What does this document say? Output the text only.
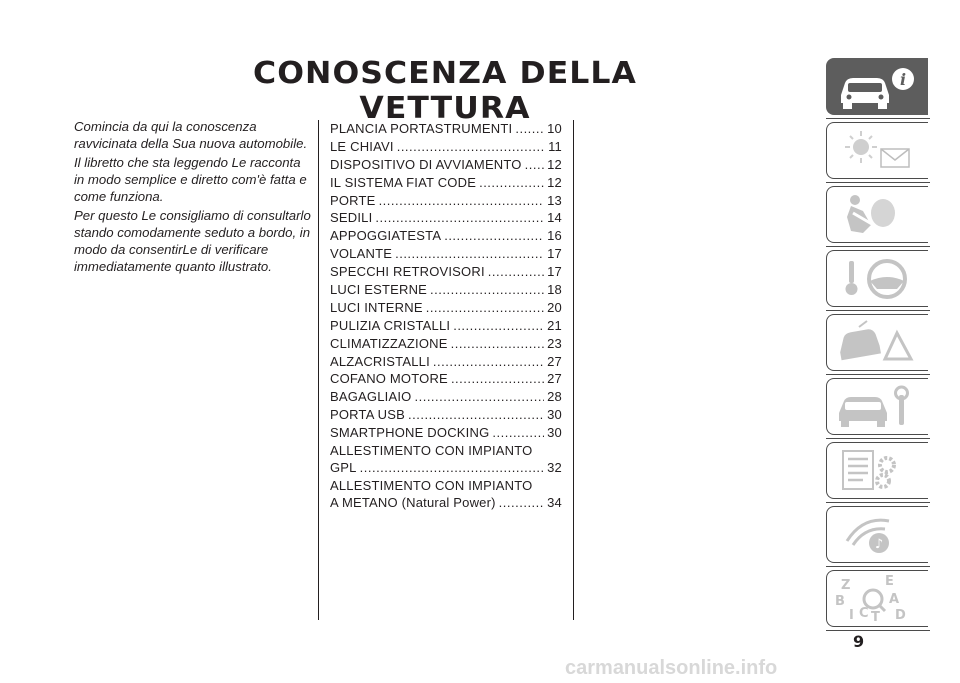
CONOSCENZA DELLA VETTURA

Comincia da qui la conoscenza ravvicinata della Sua nuova automobile.

Il libretto che sta leggendo Le racconta in modo semplice e diretto com'è fatta e come funziona.

Per questo Le consigliamo di consultarlo stando comodamente seduto a bordo, in modo da consentirLe di verificare immediatamente quanto illustrato.

PLANCIA PORTASTRUMENTI .....	10
LE CHIAVI .....	11
DISPOSITIVO DI AVVIAMENTO ..... 12
IL SISTEMA FIAT CODE .....	12
PORTE .....	13
SEDILI .....	14
APPOGGIATESTA .....	16
VOLANTE .....	17
SPECCHI RETROVISORI .....	17
LUCI ESTERNE .....	18
LUCI INTERNE .....	20
PULIZIA CRISTALLI .....	21
CLIMATIZZAZIONE .....	23
ALZACRISTALLI .....	27
COFANO MOTORE .....	27
BAGAGLIAIO .....	28
PORTA USB .....	30
SMARTPHONE DOCKING .....	30
ALLESTIMENTO CON IMPIANTO
GPL .....	32
ALLESTIMENTO CON IMPIANTO
A METANO (Natural Power) .....	34
i
♪
Z	E
B	A
I C T D
9
carmanualsonline.info
